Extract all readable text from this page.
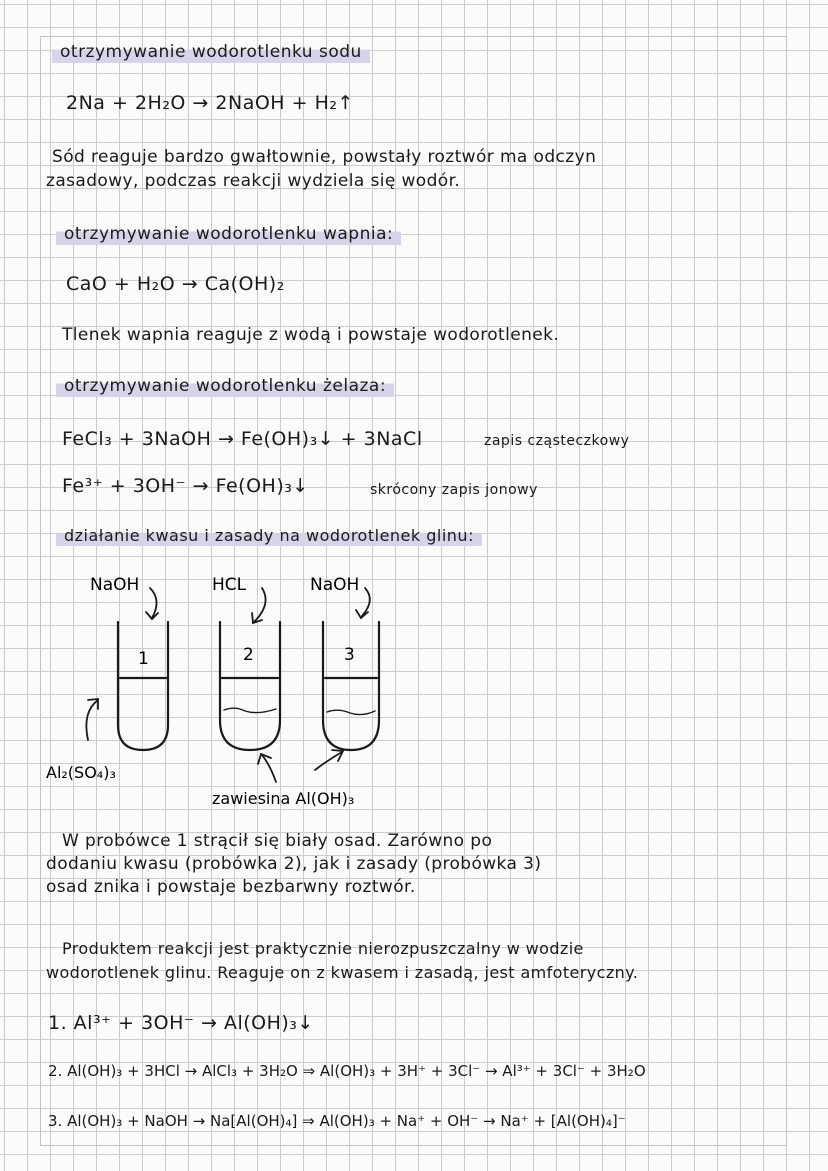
otrzymywanie wodorotlenku sodu
2Na + 2H₂O → 2NaOH + H₂↑
Sód reaguje bardzo gwałtownie, powstały roztwór ma odczyn
zasadowy, podczas reakcji wydziela się wodór.
otrzymywanie wodorotlenku wapnia:
CaO + H₂O → Ca(OH)₂
Tlenek wapnia reaguje z wodą i powstaje wodorotlenek.
otrzymywanie wodorotlenku żelaza:
FeCl₃ + 3NaOH → Fe(OH)₃↓ + 3NaCl	zapis cząsteczkowy
Fe³⁺ + 3OH⁻ → Fe(OH)₃↓	skrócony zapis jonowy
działanie kwasu i zasady na wodorotlenek glinu:
NaOH	HCL	NaOH
1	2	3
Al₂(SO₄)₃
zawiesina Al(OH)₃
W probówce 1 strącił się biały osad. Zarówno po
dodaniu kwasu (probówka 2), jak i zasady (probówka 3)
osad znika i powstaje bezbarwny roztwór.
Produktem reakcji jest praktycznie nierozpuszczalny w wodzie
wodorotlenek glinu. Reaguje on z kwasem i zasadą, jest amfoteryczny.
1. Al³⁺ + 3OH⁻ → Al(OH)₃↓
2. Al(OH)₃ + 3HCl → AlCl₃ + 3H₂O ⇒ Al(OH)₃ + 3H⁺ + 3Cl⁻ → Al³⁺ + 3Cl⁻ + 3H₂O
3. Al(OH)₃ + NaOH → Na[Al(OH)₄] ⇒ Al(OH)₃ + Na⁺ + OH⁻ → Na⁺ + [Al(OH)₄]⁻
